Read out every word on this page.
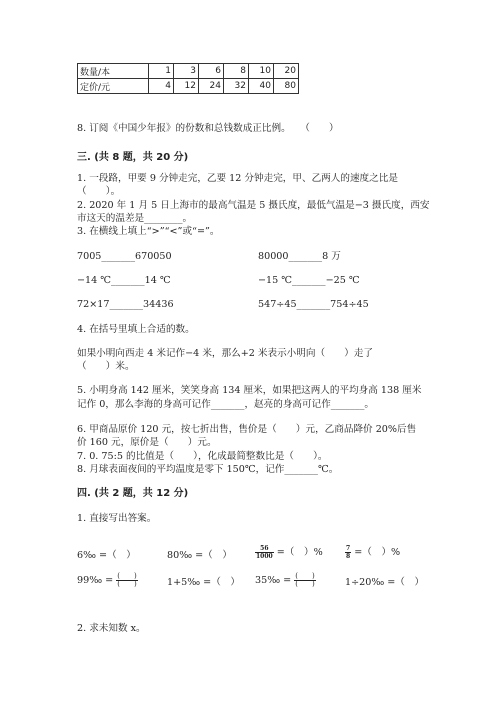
数量/本	1	3	6	8	10	20
定价/元	4	12	24	32	40	80
8. 订阅《中国少年报》的份数和总钱数成正比例。　　（　　）
三. (共 8 题，共 20 分)
1. 一段路，甲要 9 分钟走完，乙要 12 分钟走完，甲、乙两人的速度之比是
（　　）。
2. 2020 年 1 月 5 日上海市的最高气温是 5 摄氏度，最低气温是−3 摄氏度，西安
市这天的温差是________。
3. 在横线上填上“>”“<”或“=”。
7005_______670050	80000_______8 万
−14 ℃_______14 ℃	−15 ℃_______−25 ℃
72×17_______34436	547÷45_______754÷45
4. 在括号里填上合适的数。
如果小明向西走 4 米记作−4 米，那么+2 米表示小明向（　　）走了
（　　）米。
5. 小明身高 142 厘米，笑笑身高 134 厘米，如果把这两人的平均身高 138 厘米
记作 0，那么李海的身高可记作_______，赵亮的身高可记作_______。
6. 甲商品原价 120 元，按七折出售，售价是（　　）元，乙商品降价 20%后售
价 160 元，原价是（　　）元。
7. 0. 75:5 的比值是（　　），化成最简整数比是（　　）。
8. 月球表面夜间的平均温度是零下 150℃，记作_______℃。
四. (共 2 题，共 12 分)
1. 直接写出答案。
6‰ =（　）	80‰ =（　）	$\frac{56}{1000}$ =（　）%	$\frac{7}{8}$ =（　）%
99‰ = $\frac{( )}{( )}$	1+5‰ =（　） 35‰ = $\frac{( )}{( )}$	1÷20‰ =（　）
2. 求未知数 x。
